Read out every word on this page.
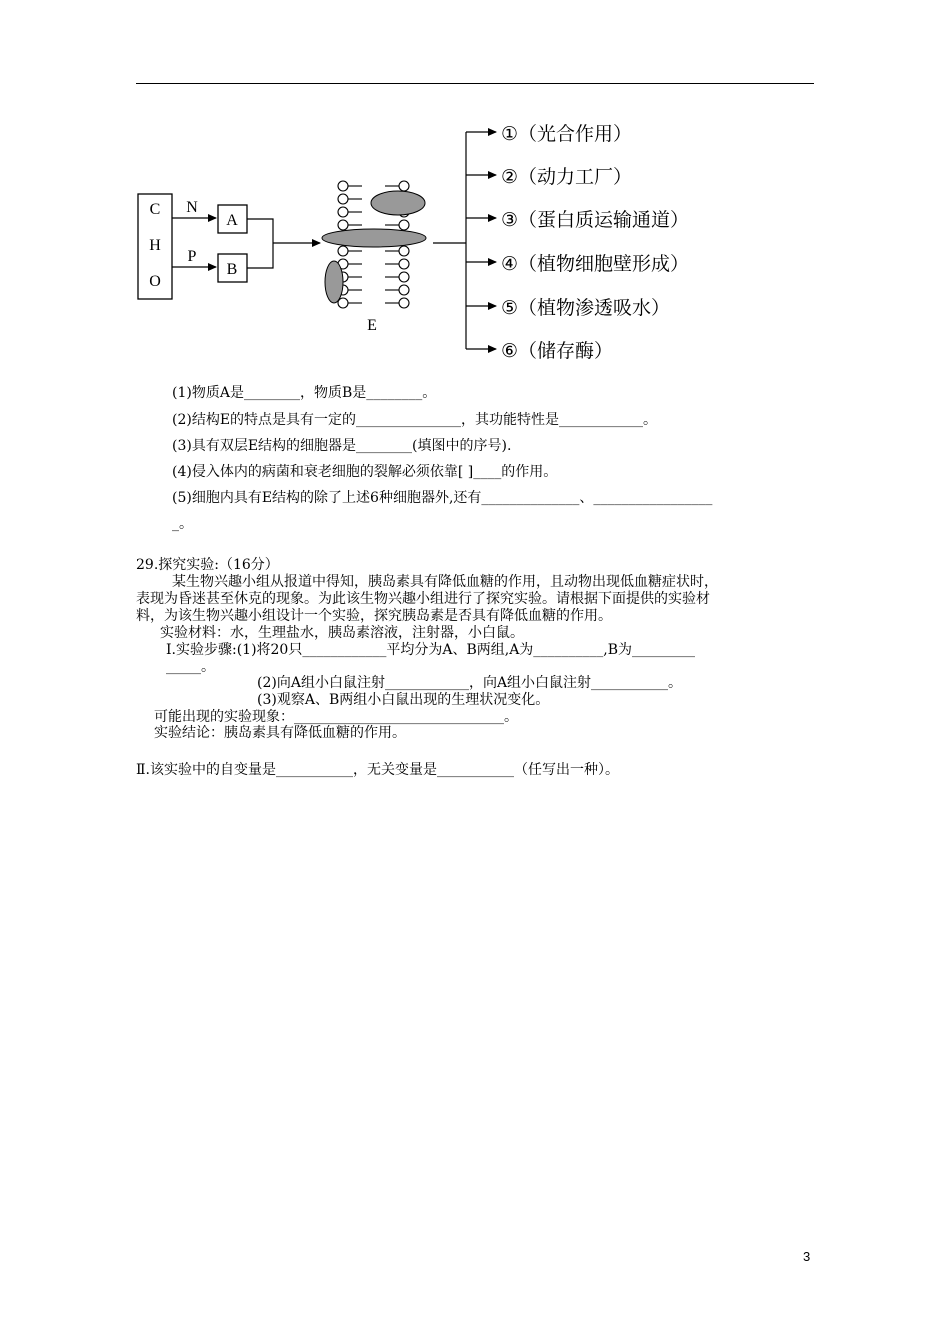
C
H
O
N
P
A
B
E
①（光合作用）
②（动力工厂）
③（蛋白质运输通道）
④（植物细胞壁形成）
⑤（植物渗透吸水）
⑥（储存酶）
(1)物质A是________，物质B是________。
(2)结构E的特点是具有一定的_______________，其功能特性是____________。
(3)具有双层E结构的细胞器是________(填图中的序号).
(4)侵入体内的病菌和衰老细胞的裂解必须依靠[ ]____的作用。
(5)细胞内具有E结构的除了上述6种细胞器外,还有______________、_________________
_。
29.探究实验:（16分）
某生物兴趣小组从报道中得知，胰岛素具有降低血糖的作用，且动物出现低血糖症状时，
表现为昏迷甚至休克的现象。为此该生物兴趣小组进行了探究实验。请根据下面提供的实验材
料，为该生物兴趣小组设计一个实验，探究胰岛素是否具有降低血糖的作用。
实验材料：水，生理盐水，胰岛素溶液，注射器，小白鼠。
Ⅰ.实验步骤:(1)将20只____________平均分为A、B两组,A为__________,B为_________
_____。
(2)向A组小白鼠注射____________，向A组小白鼠注射___________。
(3)观察A、B两组小白鼠出现的生理状况变化。
可能出现的实验现象：______________________________。
实验结论：胰岛素具有降低血糖的作用。
Ⅱ.该实验中的自变量是___________，无关变量是___________（任写出一种）。
3
